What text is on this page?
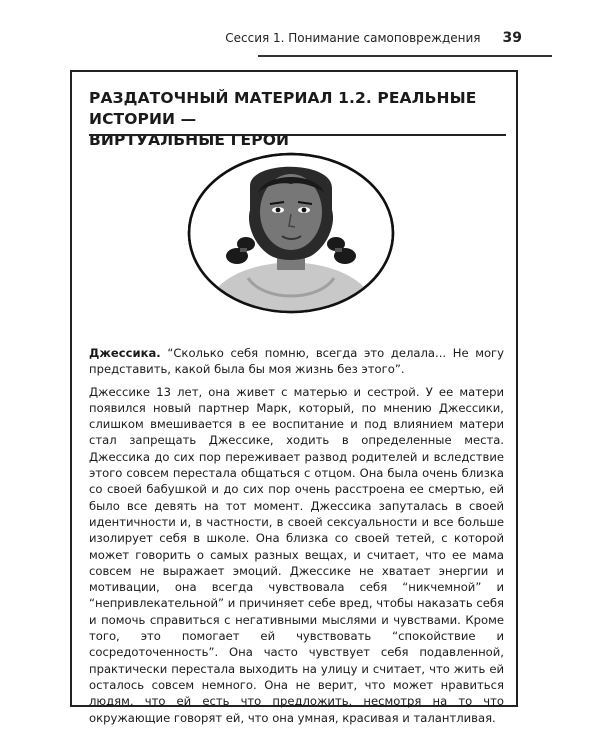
Сессия 1. Понимание самоповреждения 39
РАЗДАТОЧНЫЙ МАТЕРИАЛ 1.2. РЕАЛЬНЫЕ ИСТОРИИ —
ВИРТУАЛЬНЫЕ ГЕРОИ

Джессика. “Сколько себя помню, всегда это делала... Не могу представить, какой была бы моя жизнь без этого”.

Джессике 13 лет, она живет с матерью и сестрой. У ее матери появился новый партнер Марк, который, по мнению Джессики, слишком вмешивается в ее воспитание и под влиянием матери стал запрещать Джессике, ходить в определенные места. Джессика до сих пор переживает развод родителей и вследствие этого совсем перестала общаться с отцом. Она была очень близка со своей бабушкой и до сих пор очень расстроена ее смертью, ей было все девять на тот момент. Джессика запуталась в своей идентичности и, в частности, в своей сексуальности и все больше изолирует себя в школе. Она близка со своей тетей, с которой может говорить о самых разных вещах, и считает, что ее мама совсем не выражает эмоций. Джессике не хватает энергии и мотивации, она всегда чувствовала себя “никчемной” и “непривлекательной” и причиняет себе вред, чтобы наказать себя и помочь справиться с негативными мыслями и чувствами. Кроме того, это помогает ей чувствовать “спокойствие и сосредоточенность”. Она часто чувствует себя подавленной, практически перестала выходить на улицу и считает, что жить ей осталось совсем немного. Она не верит, что может нравиться людям, что ей есть что предложить, несмотря на то что окружающие говорят ей, что она умная, красивая и талантливая.
